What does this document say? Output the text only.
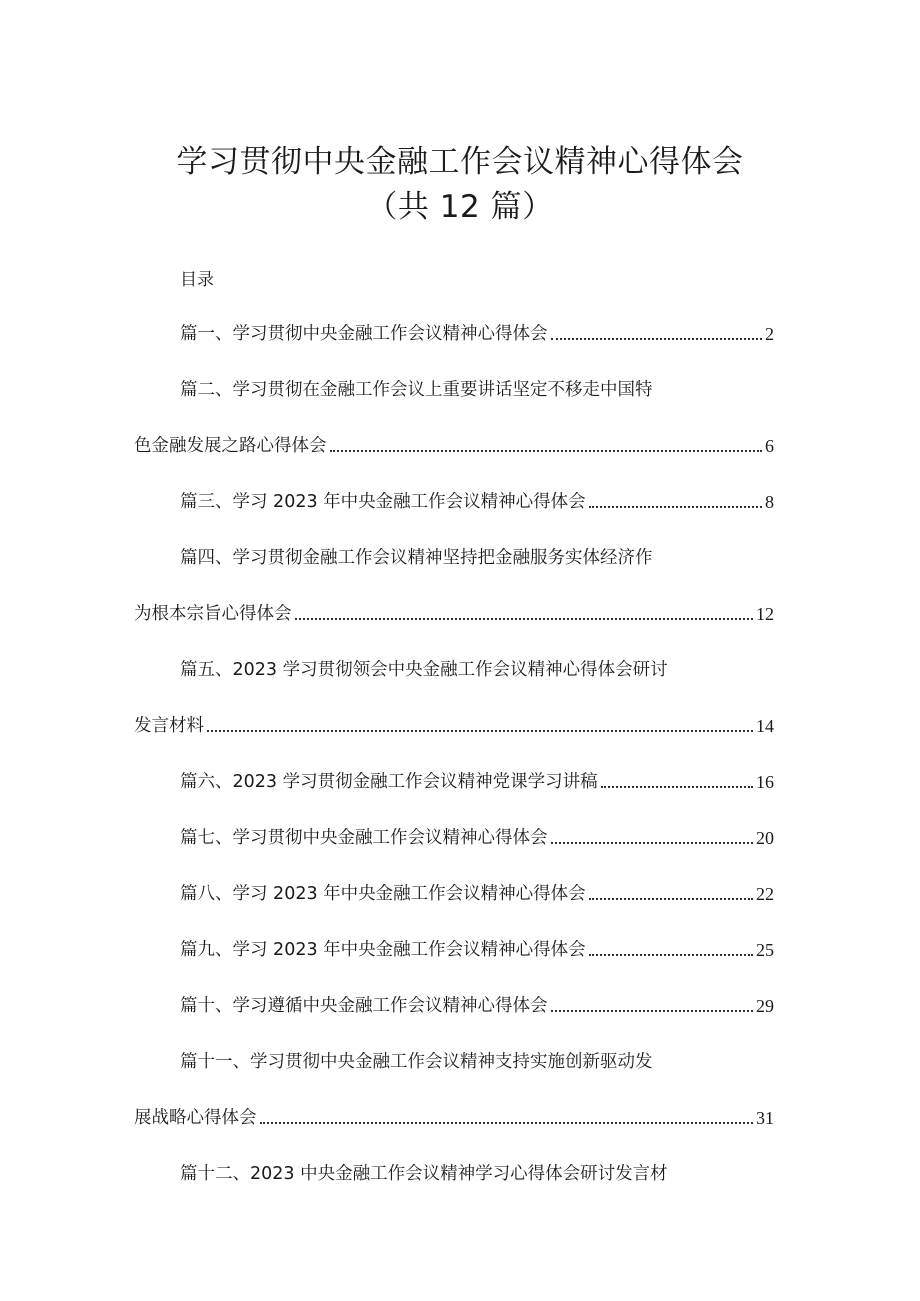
学习贯彻中央金融工作会议精神心得体会
（共 12 篇）
目录
篇一、学习贯彻中央金融工作会议精神心得体会	2
篇二、学习贯彻在金融工作会议上重要讲话坚定不移走中国特
色金融发展之路心得体会	6
篇三、学习 2023 年中央金融工作会议精神心得体会	8
篇四、学习贯彻金融工作会议精神坚持把金融服务实体经济作
为根本宗旨心得体会	12
篇五、2023 学习贯彻领会中央金融工作会议精神心得体会研讨
发言材料	14
篇六、2023 学习贯彻金融工作会议精神党课学习讲稿	16
篇七、学习贯彻中央金融工作会议精神心得体会	20
篇八、学习 2023 年中央金融工作会议精神心得体会	22
篇九、学习 2023 年中央金融工作会议精神心得体会	25
篇十、学习遵循中央金融工作会议精神心得体会	29
篇十一、学习贯彻中央金融工作会议精神支持实施创新驱动发
展战略心得体会	31
篇十二、2023 中央金融工作会议精神学习心得体会研讨发言材
